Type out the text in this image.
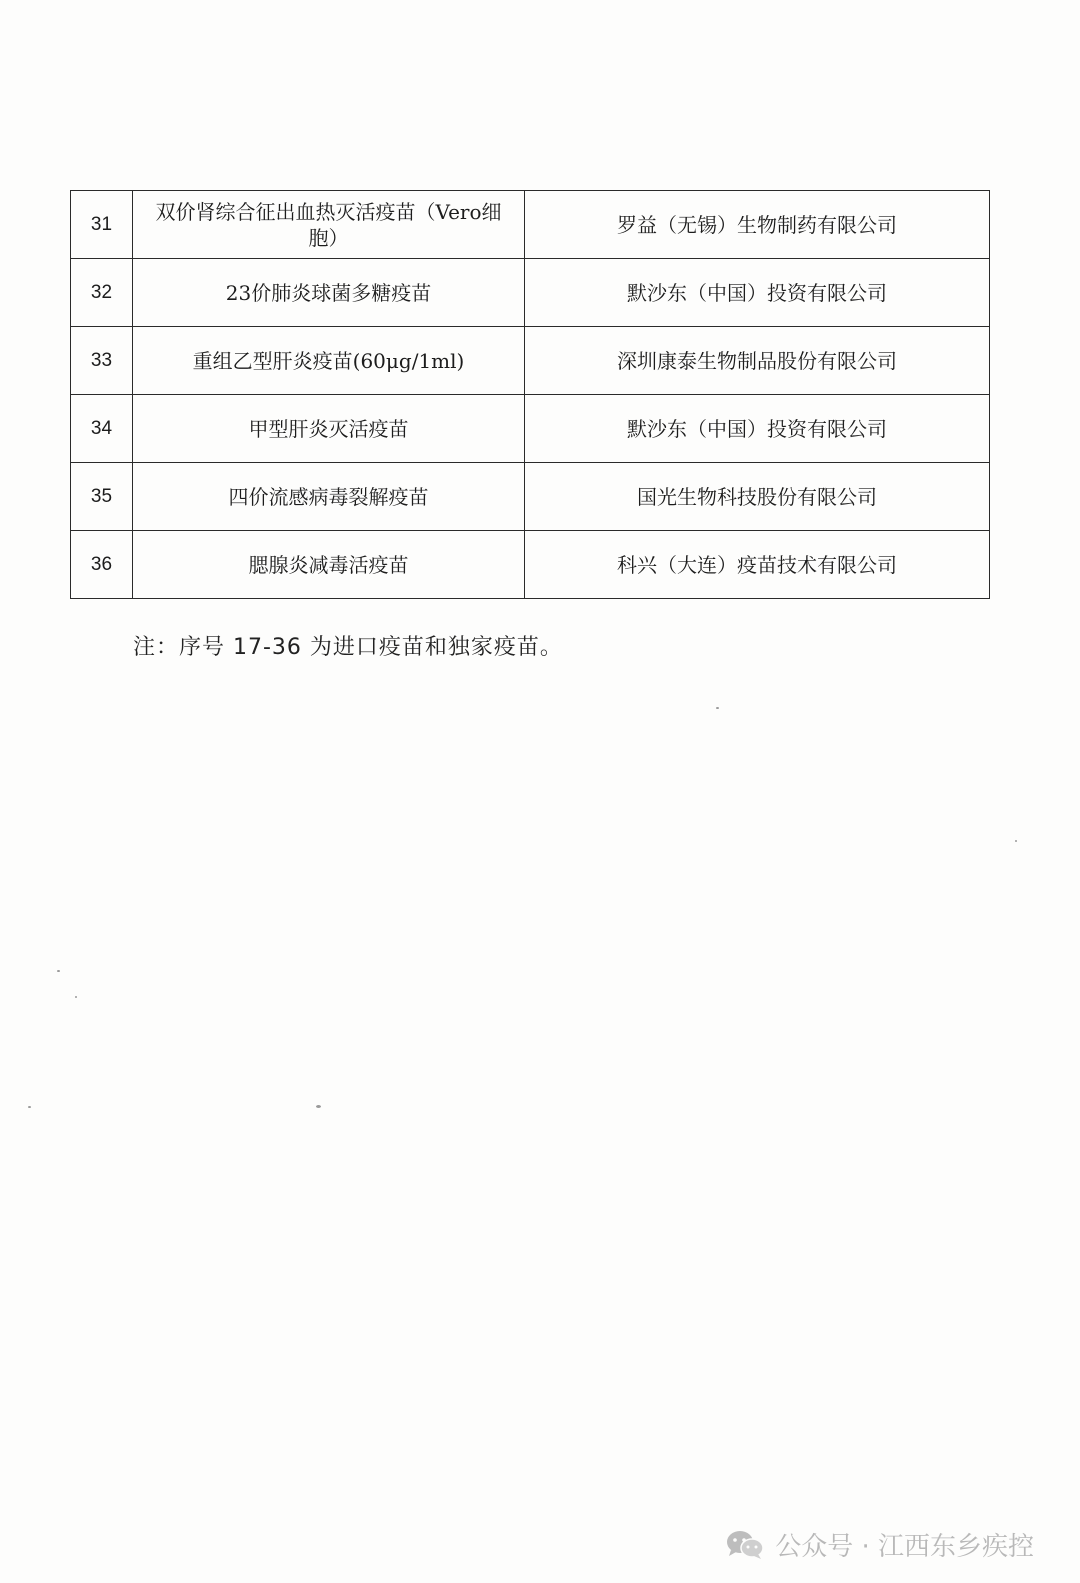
31	双价肾综合征出血热灭活疫苗（Vero细胞）	罗益（无锡）生物制药有限公司
32	23价肺炎球菌多糖疫苗	默沙东（中国）投资有限公司
33	重组乙型肝炎疫苗(60μg/1ml)	深圳康泰生物制品股份有限公司
34	甲型肝炎灭活疫苗	默沙东（中国）投资有限公司
35	四价流感病毒裂解疫苗	国光生物科技股份有限公司
36	腮腺炎减毒活疫苗	科兴（大连）疫苗技术有限公司
注：序号 17-36 为进口疫苗和独家疫苗。
公众号 · 江西东乡疾控
